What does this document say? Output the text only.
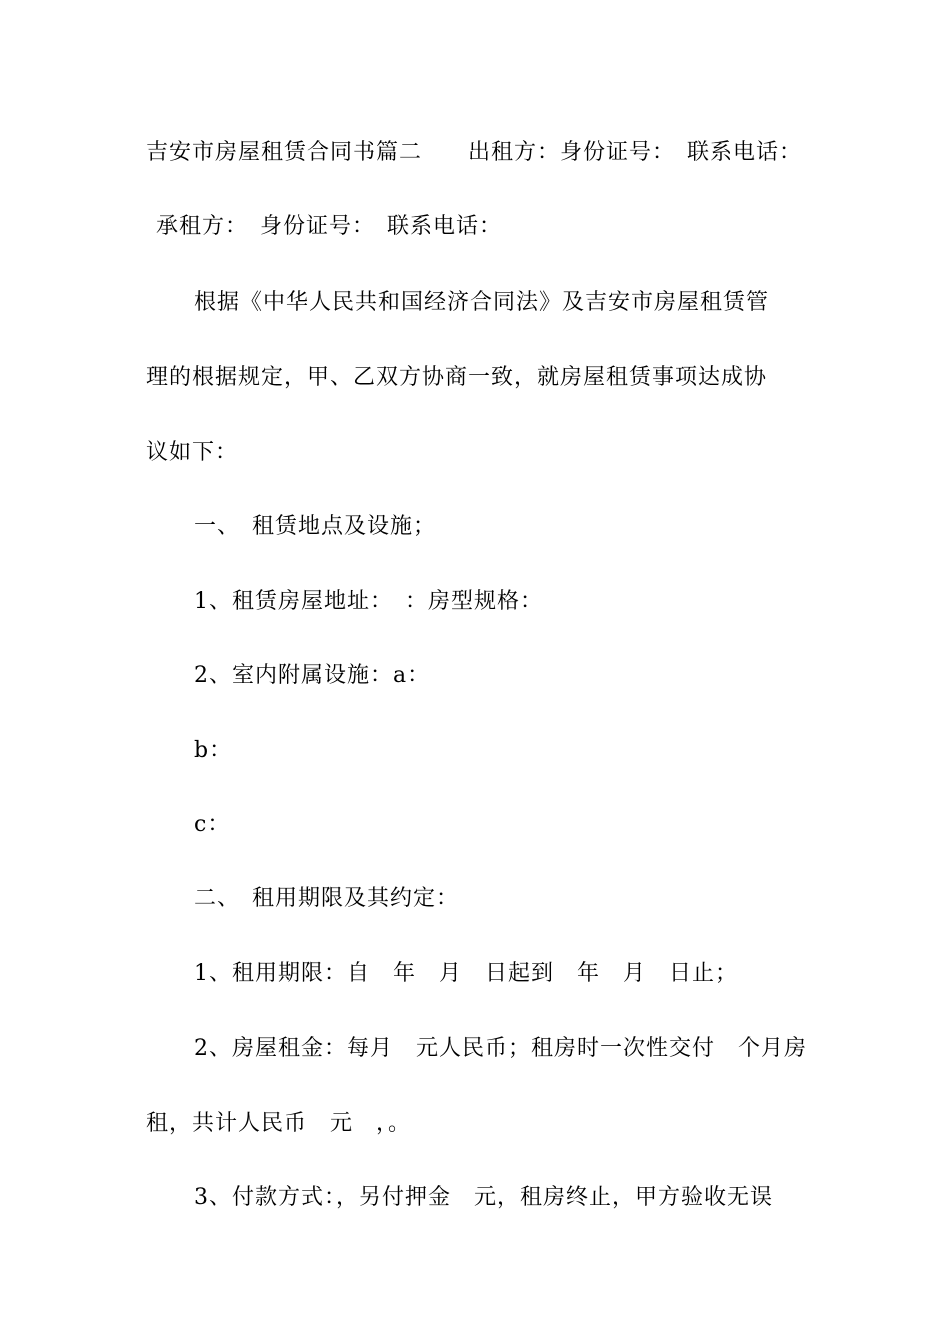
吉安市房屋租赁合同书篇二　　出租方：身份证号：　联系电话：
承租方：　身份证号：　联系电话：
根据《中华人民共和国经济合同法》及吉安市房屋租赁管
理的根据规定，甲、乙双方协商一致，就房屋租赁事项达成协
议如下：
一、　租赁地点及设施；
1、租赁房屋地址：　：房型规格：
2、室内附属设施：a：
b：
c：
二、　租用期限及其约定：
1、租用期限：自　年　月　日起到　年　月　日止；
2、房屋租金：每月　元人民币；租房时一次性交付　个月房
租，共计人民币　元　，。
3、付款方式：，另付押金　元，租房终止，甲方验收无误
